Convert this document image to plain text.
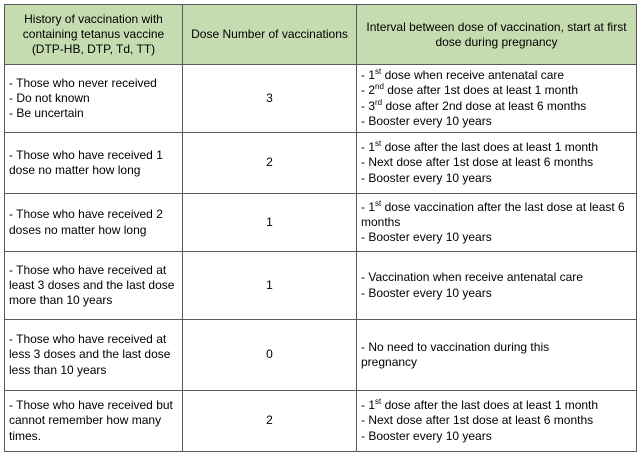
History of vaccination with containing tetanus vaccine (DTP-HB, DTP, Td, TT)	Dose Number of vaccinations	Interval between dose of vaccination, start at first dose during pregnancy

- Those who never received
- Do not known
- Be uncertain	3	- 1st dose when receive antenatal care
- 2nd dose after 1st does at least 1 month
- 3rd dose after 2nd dose at least 6 months
- Booster every 10 years

- Those who have received 1 dose no matter how long	2	- 1st dose after the last does at least 1 month
- Next dose after 1st dose at least 6 months
- Booster every 10 years

- Those who have received 2 doses no matter how long	1	- 1st dose vaccination after the last dose at least 6 months
- Booster every 10 years

- Those who have received at least 3 doses and the last dose more than 10 years	1	- Vaccination when receive antenatal care
- Booster every 10 years

- Those who have received at less 3 doses and the last dose less than 10 years	0	- No need to vaccination during this pregnancy

- Those who have received but cannot remember how many times.	2	- 1st dose after the last does at least 1 month
- Next dose after 1st dose at least 6 months
- Booster every 10 years
